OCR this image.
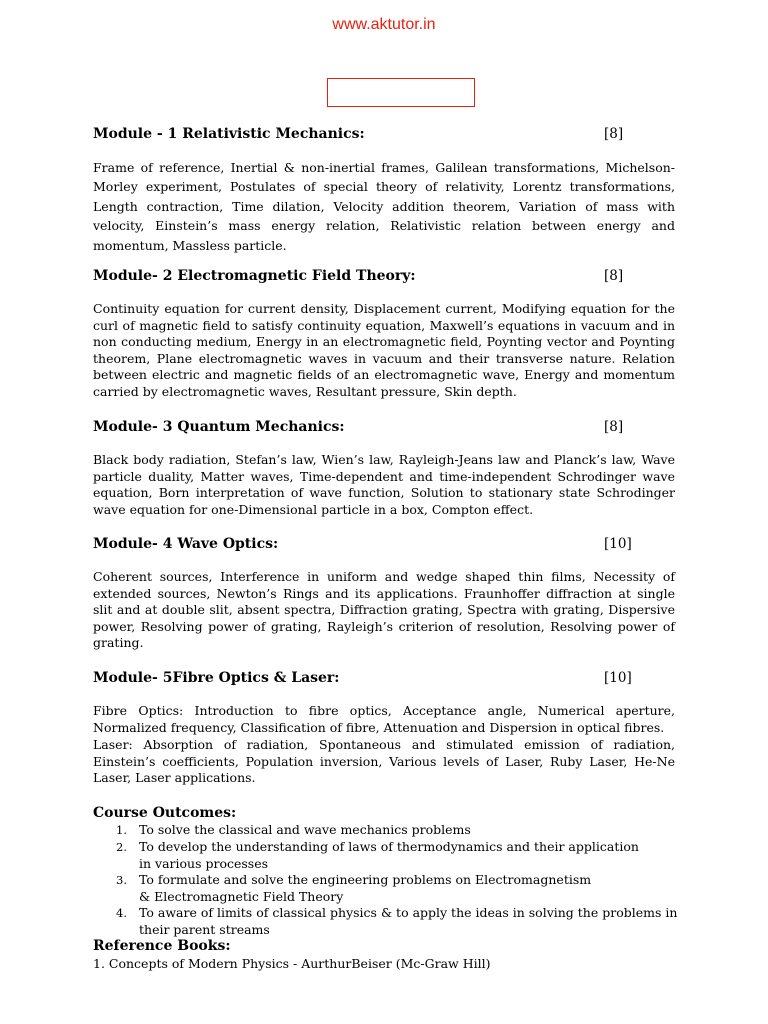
www.aktutor.in
Module - 1 Relativistic Mechanics:	[8]
Frame of reference, Inertial & non-inertial frames, Galilean transformations, Michelson-Morley experiment, Postulates of special theory of relativity, Lorentz transformations, Length contraction, Time dilation, Velocity addition theorem, Variation of mass with velocity, Einstein’s mass energy relation, Relativistic relation between energy and momentum, Massless particle.
Module- 2 Electromagnetic Field Theory:	[8]
Continuity equation for current density, Displacement current, Modifying equation for the curl of magnetic field to satisfy continuity equation, Maxwell’s equations in vacuum and in non conducting medium, Energy in an electromagnetic field, Poynting vector and Poynting theorem, Plane electromagnetic waves in vacuum and their transverse nature. Relation between electric and magnetic fields of an electromagnetic wave, Energy and momentum carried by electromagnetic waves, Resultant pressure, Skin depth.
Module- 3 Quantum Mechanics:	[8]
Black body radiation, Stefan’s law, Wien’s law, Rayleigh-Jeans law and Planck’s law, Wave particle duality, Matter waves, Time-dependent and time-independent Schrodinger wave equation, Born interpretation of wave function, Solution to stationary state Schrodinger wave equation for one-Dimensional particle in a box, Compton effect.
Module- 4 Wave Optics:	[10]
Coherent sources, Interference in uniform and wedge shaped thin films, Necessity of extended sources, Newton’s Rings and its applications. Fraunhoffer diffraction at single slit and at double slit, absent spectra, Diffraction grating, Spectra with grating, Dispersive power, Resolving power of grating, Rayleigh’s criterion of resolution, Resolving power of grating.
Module- 5Fibre Optics & Laser:	[10]
Fibre Optics: Introduction to fibre optics, Acceptance angle, Numerical aperture, Normalized frequency, Classification of fibre, Attenuation and Dispersion in optical fibres.
Laser: Absorption of radiation, Spontaneous and stimulated emission of radiation, Einstein’s coefficients, Population inversion, Various levels of Laser, Ruby Laser, He-Ne Laser, Laser applications.
Course Outcomes:
1. To solve the classical and wave mechanics problems
2. To develop the understanding of laws of thermodynamics and their application in various processes
3. To formulate and solve the engineering problems on Electromagnetism & Electromagnetic Field Theory
4. To aware of limits of classical physics & to apply the ideas in solving the problems in their parent streams
Reference Books:
1. Concepts of Modern Physics - AurthurBeiser (Mc-Graw Hill)
